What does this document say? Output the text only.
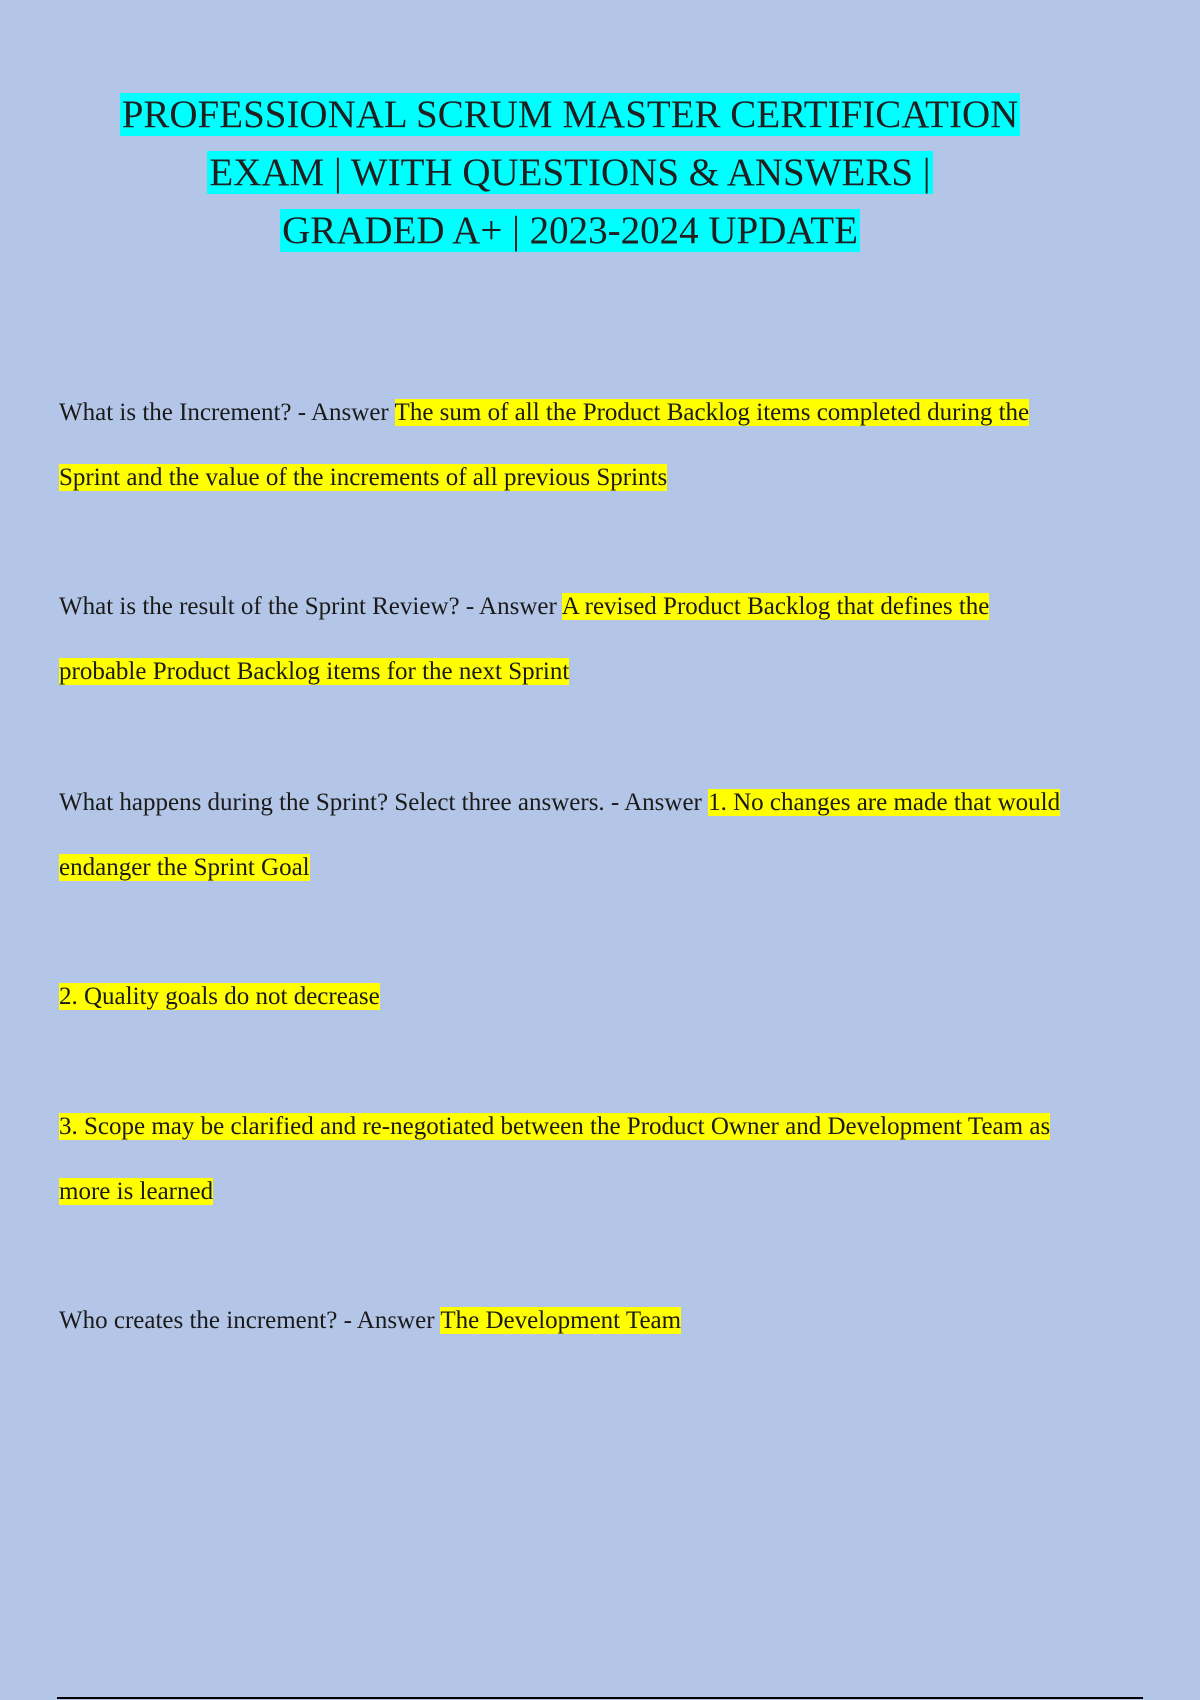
PROFESSIONAL SCRUM MASTER CERTIFICATION
EXAM | WITH QUESTIONS & ANSWERS |
GRADED A+ | 2023-2024 UPDATE
What is the Increment? - Answer The sum of all the Product Backlog items completed during the Sprint and the value of the increments of all previous Sprints
What is the result of the Sprint Review? - Answer A revised Product Backlog that defines the probable Product Backlog items for the next Sprint
What happens during the Sprint? Select three answers. - Answer 1. No changes are made that would endanger the Sprint Goal
2. Quality goals do not decrease
3. Scope may be clarified and re-negotiated between the Product Owner and Development Team as more is learned
Who creates the increment? - Answer The Development Team
